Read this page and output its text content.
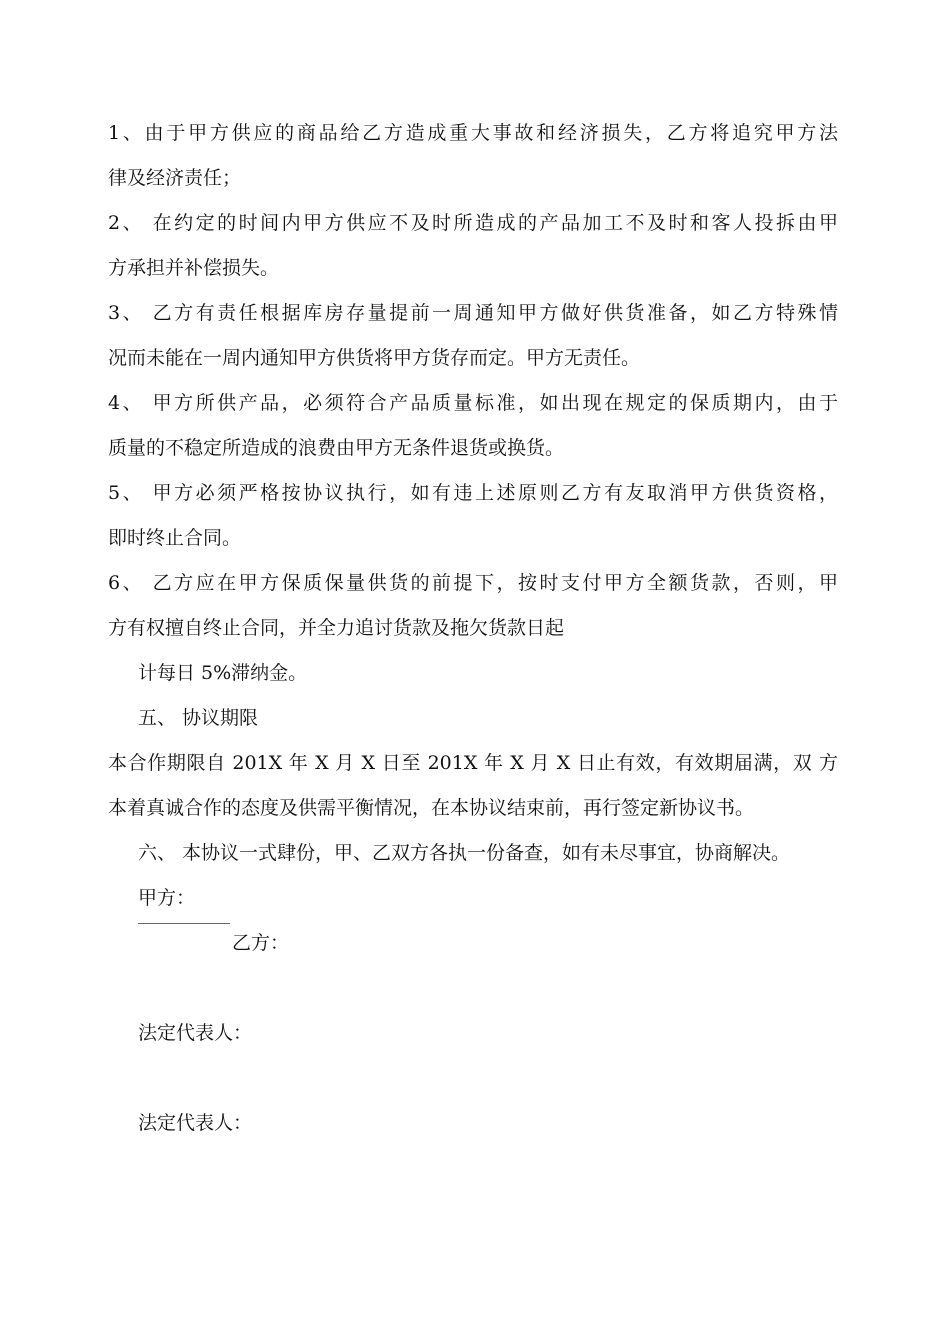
1、由于甲方供应的商品给乙方造成重大事故和经济损失，乙方将追究甲方法

律及经济责任；

2、 在约定的时间内甲方供应不及时所造成的产品加工不及时和客人投拆由甲

方承担并补偿损失。

3、 乙方有责任根据库房存量提前一周通知甲方做好供货准备，如乙方特殊情

况而未能在一周内通知甲方供货将甲方货存而定。甲方无责任。

4、 甲方所供产品，必须符合产品质量标准，如出现在规定的保质期内，由于

质量的不稳定所造成的浪费由甲方无条件退货或换货。

5、 甲方必须严格按协议执行，如有违上述原则乙方有友取消甲方供货资格，

即时终止合同。

6、 乙方应在甲方保质保量供货的前提下，按时支付甲方全额货款，否则，甲

方有权擅自终止合同，并全力追讨货款及拖欠货款日起

计每日 5%滞纳金。

五、 协议期限

本合作期限自 201X 年 X 月 X 日至 201X 年 X 月 X 日止有效，有效期届满，双 方

本着真诚合作的态度及供需平衡情况，在本协议结束前，再行签定新协议书。

六、 本协议一式肆份，甲、乙双方各执一份备查，如有未尽事宜，协商解决。

甲方：

乙方：

法定代表人：

法定代表人：
